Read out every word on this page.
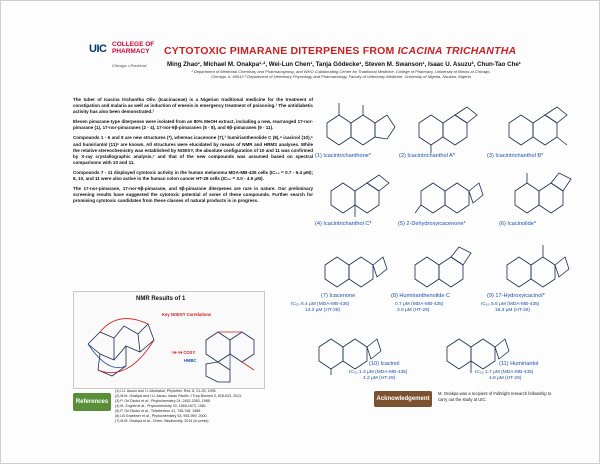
UIC COLLEGE OF
PHARMACY
Chicago • Rockford
CYTOTOXIC PIMARANE DITERPENES FROM ICACINA TRICHANTHA
Ming Zhao¹, Michael M. Onakpa¹·², Wei-Lun Chen¹, Tanja Gödecke¹, Steven M. Swanson¹, Isaac U. Asuzu², Chun-Tao Che¹
¹ Department of Medicinal Chemistry and Pharmacognosy, and WHO Collaborating Center for Traditional Medicine, College of Pharmacy, University of Illinois at Chicago,
Chicago, IL 60612 ² Department of Veterinary Physiology and Pharmacology, Faculty of Veterinary Medicine, University of Nigeria, Nsukka, Nigeria

The tuber of Icacina trichantha Oliv. (Icacinaceae) is a Nigerian traditional medicine for the treatment of constipation and malaria as well as induction of emesis in emergency treatment of poisoning.¹ The antidiabetic activity has also been demonstrated.²

Eleven pimarane-type diterpenes were isolated from an 80% MeOH extract, including a new, rearranged 17-nor-pimarane (1), 17-nor-pimaranes (2 - 4), 17-nor-9β-pimaranes (5 - 8), and 9β-pimaranes (9 - 11).

Compounds 1 - 6 and 9 are new structures (*), whereas icacenone (7),³ humirianthenolide C (8),⁴ icacinol (10),⁵ and humiriantol (11)⁶ are known. All structures were elucidated by means of NMR and HRMS analyses. While the relative stereochemistry was established by NOESY, the absolute configuration of 10 and 11 was confirmed by X-ray crystallographic analysis,⁷ and that of the new compounds was assumed based on spectral comparisons with 10 and 11.

Compounds 7 - 11 displayed cytotoxic activity in the human melanoma MDA-MB-435 cells (IC₅₀ = 0.7 - 6.4 μM); 8, 10, and 11 were also active in the human colon cancer HT-29 cells (IC₅₀ = 3.0 - 4.9 μM).

The 17-nor-pimarane, 17-nor-9β-pimarane, and 9β-pimarane diterpenes are rare in nature. Our preliminary screening results have suggested the cytotoxic potential of some of these compounds. Further search for promising cytotoxic candidates from these classes of natural products is in progress.

NMR Results of 1
Key NOESY Correlations
¹H-¹H COSY
HMBC
References
(1) I.U. Asuzu and I.I. Abubakar, Phytother. Res. 8, 21-25, 1995.
(2) M.M. Onakpa and I.U. Asuzu, Asian Pacific J Trop Biomed 3, 628-633, 2013.
(3) P. On'Okoko et al., Phytochemistry 24, 2452-2453, 1985.
(4) M. Zoghbi et al., Phytochemistry 20, 1669-1673, 1981.
(5) P. On'Okoko et al., Tetrahedron 41, 745-748, 1985.
(6) LB Graebner et al., Phytochemistry 53, 955-959, 2000.
(7) M.M. Onakpa et al., Chem. Biodiversity, 2014 (in press).
Acknowledgement
M. Onakpa was a recipient of Fulbright research fellowship to carry out the study at UIC.
(1) Icacintrichanthone*	(2) Icacintrichanthol A*	(3) Icacintrichanthol B*
(4) Icacintrichanthol C*	(5) 2-Dehydroxyicacenone*	(6) Icacinolide*
(7) Icacenone
IC₅₀ 6.4 μM (MDA-MB-435)
13.3 μM (HT-29)
(8) Humirianthenolide C
0.7 μM (MDA-MB-435)
3.0 μM (HT-29)
(9) 17-Hydroxyicacinol*
IC₅₀ 5.6 μM (MDA-MB-435)
18.3 μM (HT-29)
(10) Icacinol
IC₅₀ 1.3 μM (MDA-MB-435)
4.2 μM (HT-29)
(11) Humiriantol
IC₅₀ 1.7 μM (MDA-MB-435)
4.9 μM (HT-29)
